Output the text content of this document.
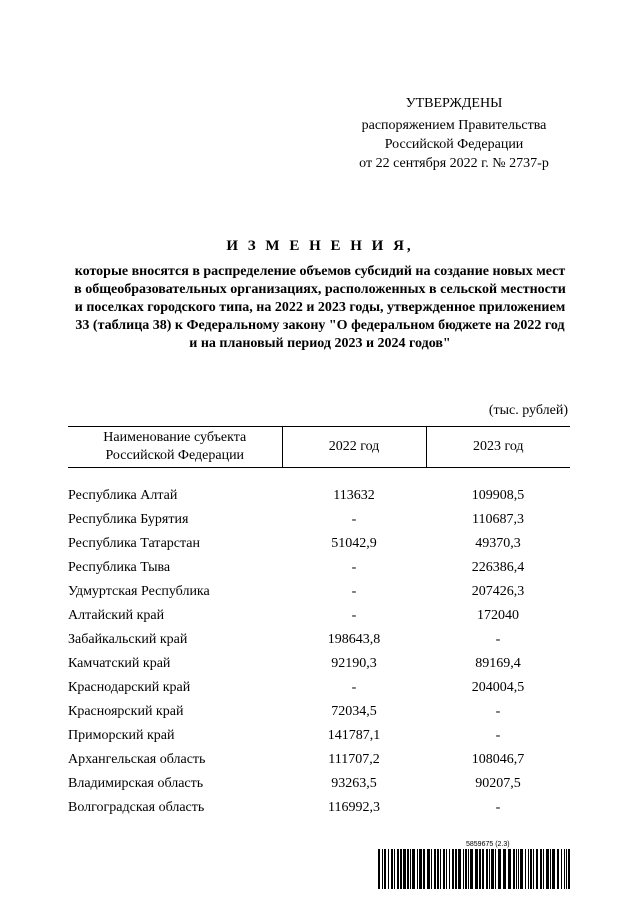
УТВЕРЖДЕНЫ
распоряжением Правительства
Российской Федерации
от 22 сентября 2022 г. № 2737-р
И З М Е Н Е Н И Я,
которые вносятся в распределение объемов субсидий на создание новых мест в общеобразовательных организациях, расположенных в сельской местности и поселках городского типа, на 2022 и 2023 годы, утвержденное приложением 33 (таблица 38) к Федеральному закону "О федеральном бюджете на 2022 год и на плановый период 2023 и 2024 годов"
(тыс. рублей)
Наименование субъекта Российской Федерации	2022 год	2023 год

Республика Алтай	113632	109908,5
Республика Бурятия	-	110687,3
Республика Татарстан	51042,9	49370,3
Республика Тыва	-	226386,4
Удмуртская Республика	-	207426,3
Алтайский край	-	172040
Забайкальский край	198643,8	-
Камчатский край	92190,3	89169,4
Краснодарский край	-	204004,5
Красноярский край	72034,5	-
Приморский край	141787,1	-
Архангельская область	111707,2	108046,7
Владимирская область	93263,5	90207,5
Волгоградская область	116992,3	-
5859675 (2.3)
